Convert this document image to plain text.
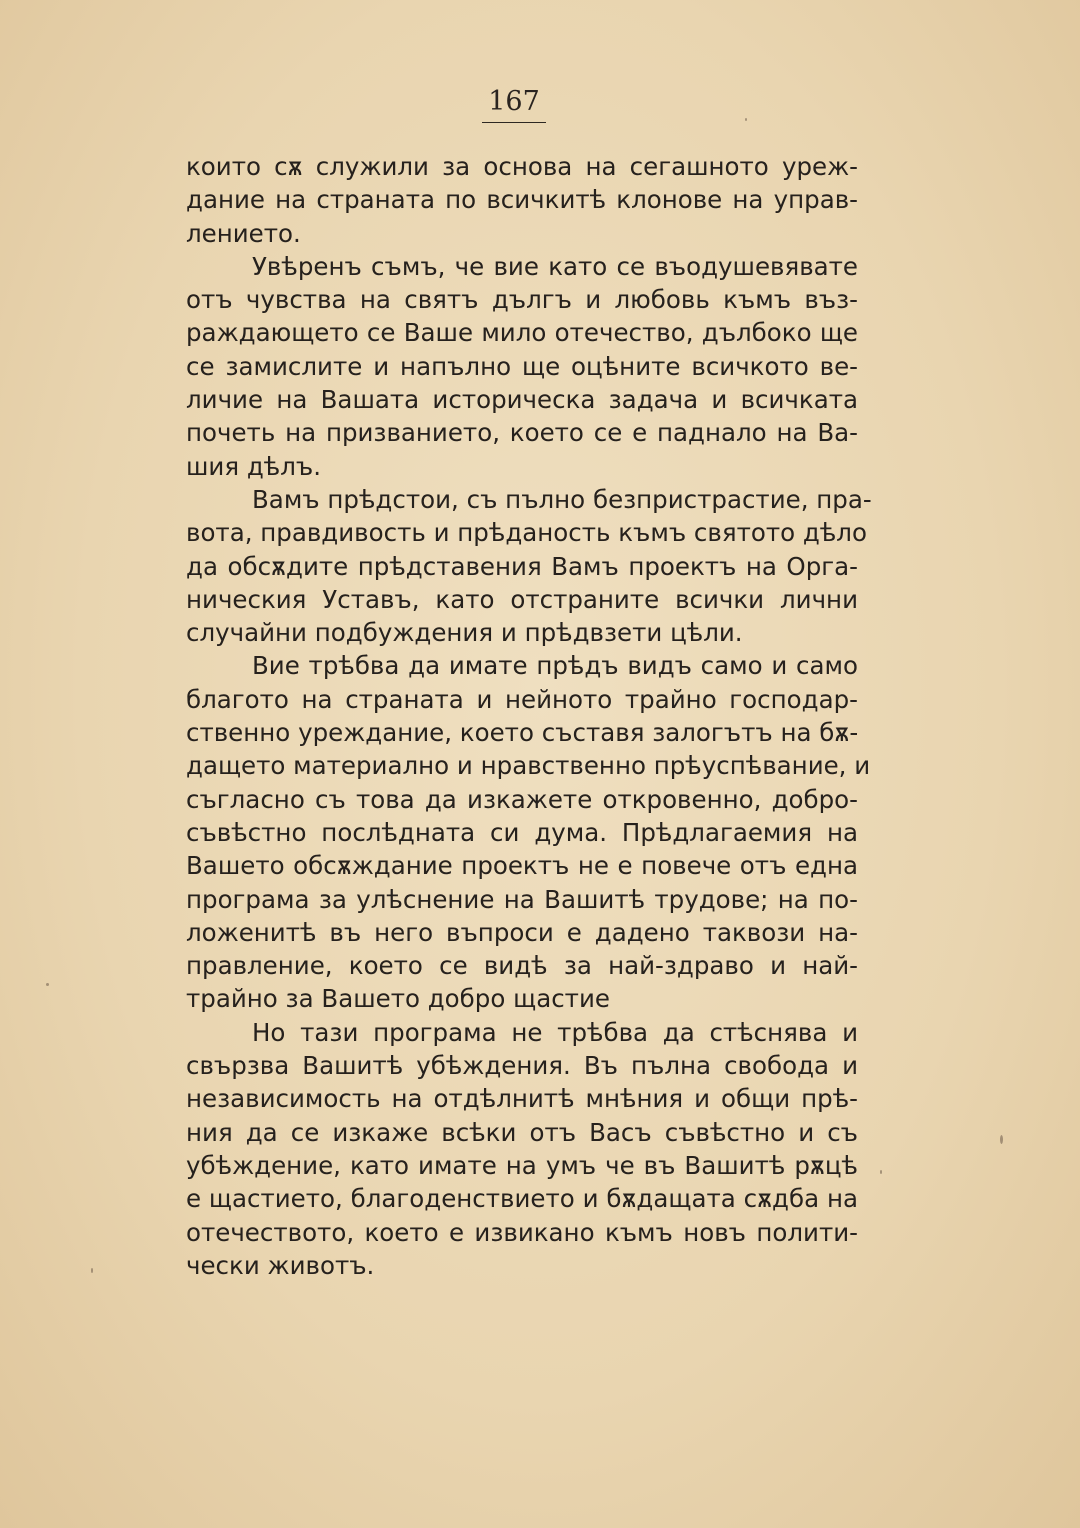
167
които сѫ служили за основа на сегашното уреж-
дание на страната по всичкитѣ клонове на управ-
лението.
Увѣренъ съмъ, че вие като се въодушевявате
отъ чувства на святъ дългъ и любовь къмъ въз-
раждающето се Ваше мило отечество, дълбоко ще
се замислите и напълно ще оцѣните всичкото ве-
личие на Вашата историческа задача и всичката
почеть на призванието, което се е паднало на Ва-
шия дѣлъ.
Вамъ прѣдстои, съ пълно безпристрастие, пра-
вота, правдивость и прѣданость къмъ святото дѣло
да обсѫдите прѣдставения Вамъ проектъ на Орга-
ническия Уставъ, като отстраните всички лични
случайни подбуждения и прѣдвзети цѣли.
Вие трѣбва да имате прѣдъ видъ само и само
благото на страната и нейното трайно господар-
ственно уреждание, което съставя залогътъ на бѫ-
дащето материално и нравственно прѣуспѣвание, и
съгласно съ това да изкажете откровенно, добро-
съвѣстно послѣдната си дума. Прѣдлагаемия на
Вашето обсѫждание проектъ не е повече отъ една
програма за улѣснение на Вашитѣ трудове; на по-
ложенитѣ въ него въпроси е дадено таквози на-
правление, което се видѣ за най-здраво и най-
трайно за Вашето добро щастие
Но тази програма не трѣбва да стѣснява и
свързва Вашитѣ убѣждения. Въ пълна свобода и
независимость на отдѣлнитѣ мнѣния и общи прѣ-
ния да се изкаже всѣки отъ Васъ съвѣстно и съ
убѣждение, като имате на умъ че въ Вашитѣ рѫцѣ
е щастието, благоденствието и бѫдащата сѫдба на
отечеството, което е извикано къмъ новъ полити-
чески животъ.
